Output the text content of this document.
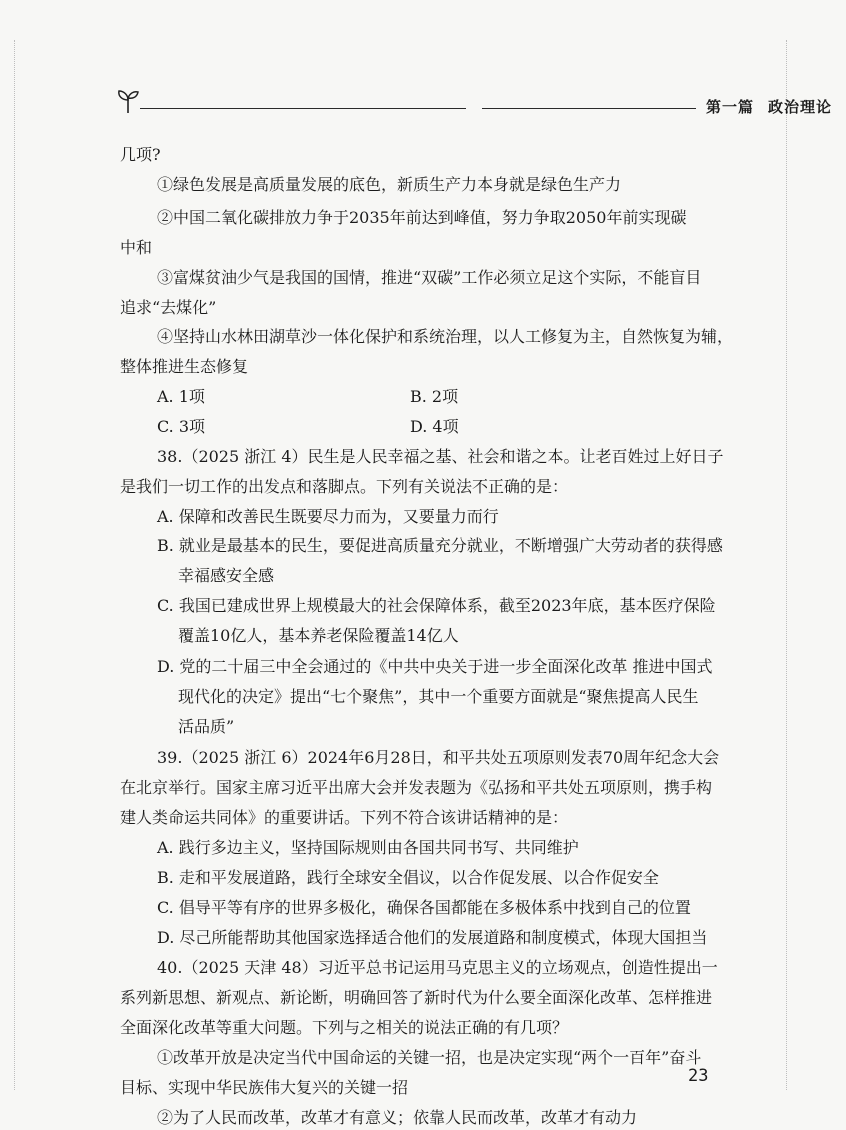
第一篇 政治理论
几项?
①绿色发展是高质量发展的底色，新质生产力本身就是绿色生产力
②中国二氧化碳排放力争于2035年前达到峰值，努力争取2050年前实现碳
中和
③富煤贫油少气是我国的国情，推进“双碳”工作必须立足这个实际，不能盲目
追求“去煤化”
④坚持山水林田湖草沙一体化保护和系统治理，以人工修复为主，自然恢复为辅，
整体推进生态修复
A. 1项	B. 2项
C. 3项	D. 4项
38.（2025 浙江 4）民生是人民幸福之基、社会和谐之本。让老百姓过上好日子
是我们一切工作的出发点和落脚点。下列有关说法不正确的是：
A. 保障和改善民生既要尽力而为，又要量力而行
B. 就业是最基本的民生，要促进高质量充分就业，不断增强广大劳动者的获得感
幸福感安全感
C. 我国已建成世界上规模最大的社会保障体系，截至2023年底，基本医疗保险
覆盖10亿人，基本养老保险覆盖14亿人
D. 党的二十届三中全会通过的《中共中央关于进一步全面深化改革 推进中国式
现代化的决定》提出“七个聚焦”，其中一个重要方面就是“聚焦提高人民生
活品质”
39.（2025 浙江 6）2024年6月28日，和平共处五项原则发表70周年纪念大会
在北京举行。国家主席习近平出席大会并发表题为《弘扬和平共处五项原则，携手构
建人类命运共同体》的重要讲话。下列不符合该讲话精神的是：
A. 践行多边主义，坚持国际规则由各国共同书写、共同维护
B. 走和平发展道路，践行全球安全倡议，以合作促发展、以合作促安全
C. 倡导平等有序的世界多极化，确保各国都能在多极体系中找到自己的位置
D. 尽己所能帮助其他国家选择适合他们的发展道路和制度模式，体现大国担当
40.（2025 天津 48）习近平总书记运用马克思主义的立场观点，创造性提出一
系列新思想、新观点、新论断，明确回答了新时代为什么要全面深化改革、怎样推进
全面深化改革等重大问题。下列与之相关的说法正确的有几项？
①改革开放是决定当代中国命运的关键一招，也是决定实现“两个一百年”奋斗
目标、实现中华民族伟大复兴的关键一招
②为了人民而改革，改革才有意义；依靠人民而改革，改革才有动力
23
